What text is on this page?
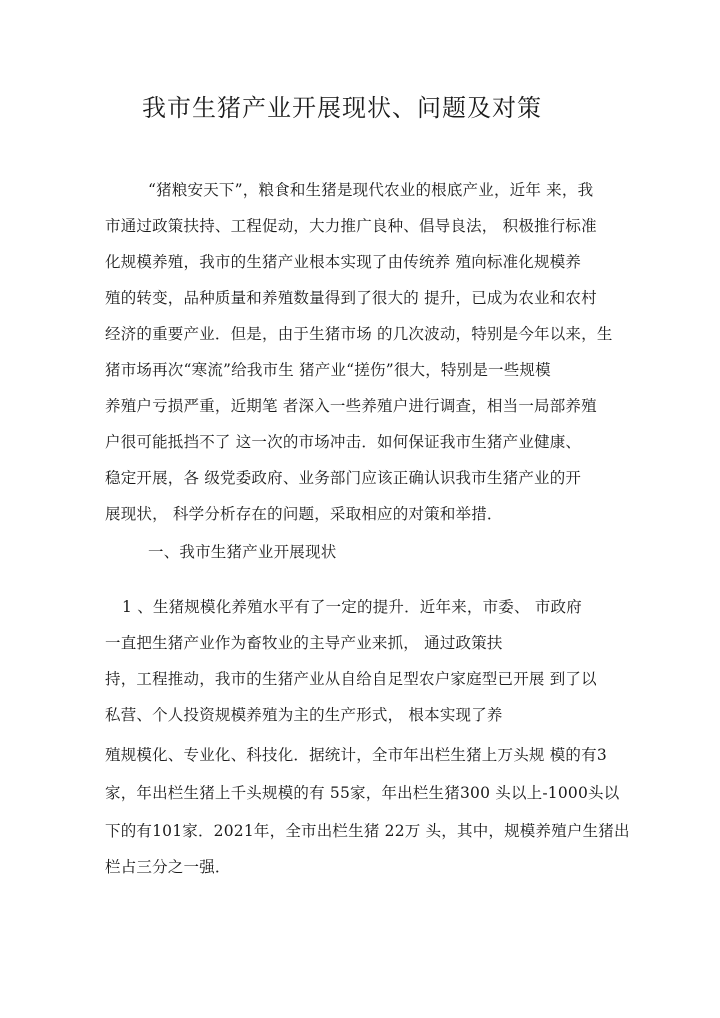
我市生猪产业开展现状、问题及对策

“猪粮安天下”，粮食和生猪是现代农业的根底产业，近年 来，我

市通过政策扶持、工程促动，大力推广良种、倡导良法， 积极推行标准

化规模养殖，我市的生猪产业根本实现了由传统养 殖向标准化规模养

殖的转变，品种质量和养殖数量得到了很大的 提升，已成为农业和农村

经济的重要产业．但是，由于生猪市场 的几次波动，特别是今年以来，生

猪市场再次“寒流”给我市生 猪产业“搓伤”很大，特别是一些规模

养殖户亏损严重，近期笔 者深入一些养殖户进行调查，相当一局部养殖

户很可能抵挡不了 这一次的市场冲击．如何保证我市生猪产业健康、

稳定开展，各 级党委政府、业务部门应该正确认识我市生猪产业的开

展现状， 科学分析存在的问题，采取相应的对策和举措．

一、我市生猪产业开展现状

1 、生猪规模化养殖水平有了一定的提升．近年来，市委、 市政府

一直把生猪产业作为畜牧业的主导产业来抓， 通过政策扶

持，工程推动，我市的生猪产业从自给自足型农户家庭型已开展 到了以

私营、个人投资规模养殖为主的生产形式， 根本实现了养

殖规模化、专业化、科技化．据统计，全市年出栏生猪上万头规 模的有3

家，年出栏生猪上千头规模的有 55家，年出栏生猪300 头以上-1000头以

下的有101家．2021年，全市出栏生猪 22万 头，其中，规模养殖户生猪出

栏占三分之一强．
